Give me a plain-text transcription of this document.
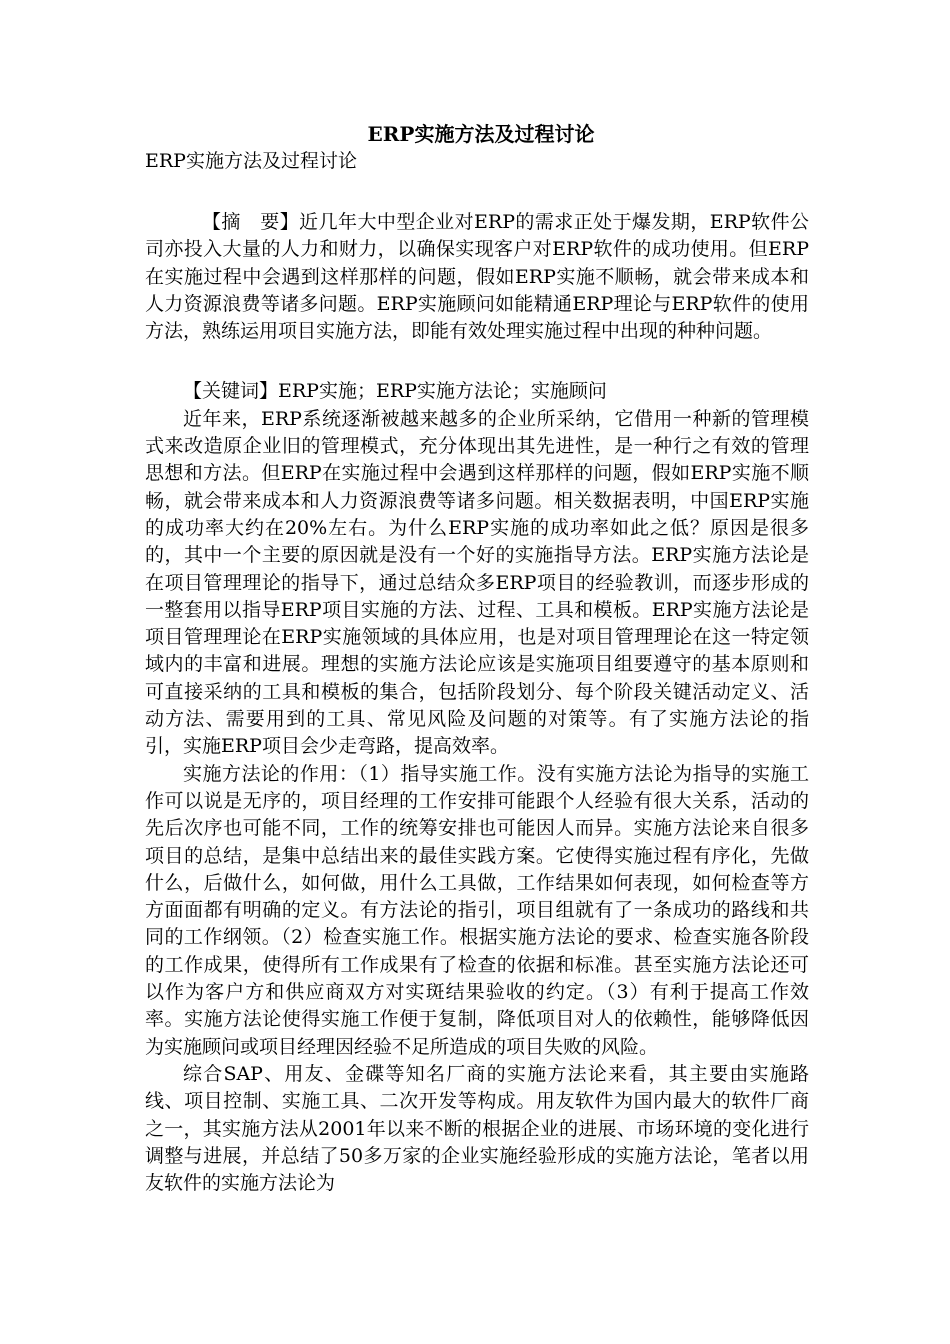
ERP实施方法及过程讨论

ERP实施方法及过程讨论

【摘　要】近几年大中型企业对ERP的需求正处于爆发期，ERP软件公司亦投入大量的人力和财力，以确保实现客户对ERP软件的成功使用。但ERP在实施过程中会遇到这样那样的问题，假如ERP实施不顺畅，就会带来成本和人力资源浪费等诸多问题。ERP实施顾问如能精通ERP理论与ERP软件的使用方法，熟练运用项目实施方法，即能有效处理实施过程中出现的种种问题。

【关键词】ERP实施；ERP实施方法论；实施顾问

近年来，ERP系统逐渐被越来越多的企业所采纳，它借用一种新的管理模式来改造原企业旧的管理模式，充分体现出其先进性，是一种行之有效的管理思想和方法。但ERP在实施过程中会遇到这样那样的问题，假如ERP实施不顺畅，就会带来成本和人力资源浪费等诸多问题。相关数据表明，中国ERP实施的成功率大约在20%左右。为什么ERP实施的成功率如此之低？原因是很多的，其中一个主要的原因就是没有一个好的实施指导方法。ERP实施方法论是在项目管理理论的指导下，通过总结众多ERP项目的经验教训，而逐步形成的一整套用以指导ERP项目实施的方法、过程、工具和模板。ERP实施方法论是项目管理理论在ERP实施领域的具体应用，也是对项目管理理论在这一特定领域内的丰富和进展。理想的实施方法论应该是实施项目组要遵守的基本原则和可直接采纳的工具和模板的集合，包括阶段划分、每个阶段关键活动定义、活动方法、需要用到的工具、常见风险及问题的对策等。有了实施方法论的指引，实施ERP项目会少走弯路，提高效率。

实施方法论的作用：（1）指导实施工作。没有实施方法论为指导的实施工作可以说是无序的，项目经理的工作安排可能跟个人经验有很大关系，活动的先后次序也可能不同，工作的统筹安排也可能因人而异。实施方法论来自很多项目的总结，是集中总结出来的最佳实践方案。它使得实施过程有序化，先做什么，后做什么，如何做，用什么工具做，工作结果如何表现，如何检查等方方面面都有明确的定义。有方法论的指引，项目组就有了一条成功的路线和共同的工作纲领。（2）检查实施工作。根据实施方法论的要求、检查实施各阶段的工作成果，使得所有工作成果有了检查的依据和标准。甚至实施方法论还可以作为客户方和供应商双方对实斑结果验收的约定。（3）有利于提高工作效率。实施方法论使得实施工作便于复制，降低项目对人的依赖性，能够降低因为实施顾问或项目经理因经验不足所造成的项目失败的风险。

综合SAP、用友、金碟等知名厂商的实施方法论来看，其主要由实施路线、项目控制、实施工具、二次开发等构成。用友软件为国内最大的软件厂商之一，其实施方法从2001年以来不断的根据企业的进展、市场环境的变化进行调整与进展，并总结了50多万家的企业实施经验形成的实施方法论，笔者以用友软件的实施方法论为
